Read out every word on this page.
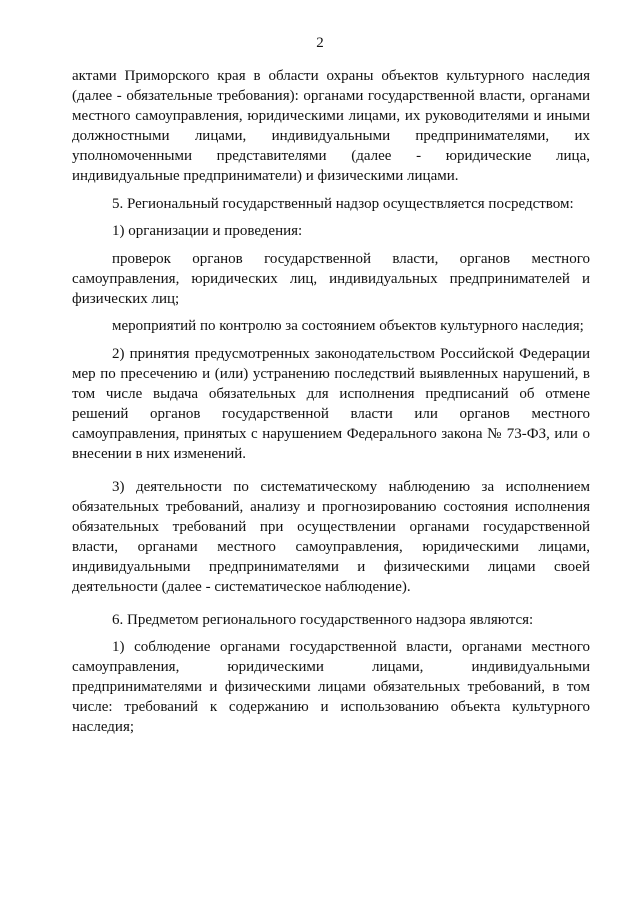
2
актами Приморского края в области охраны объектов культурного наследия
(далее - обязательные требования): органами государственной власти, органами
местного самоуправления, юридическими лицами, их руководителями и иными
должностными лицами, индивидуальными предпринимателями, их
уполномоченными представителями (далее - юридические лица,
индивидуальные предприниматели) и физическими лицами.
5. Региональный государственный надзор осуществляется посредством:
1) организации и проведения:
проверок органов государственной власти, органов местного
самоуправления, юридических лиц, индивидуальных предпринимателей и
физических лиц;
мероприятий по контролю за состоянием объектов культурного наследия;
2) принятия предусмотренных законодательством Российской Федерации
мер по пресечению и (или) устранению последствий выявленных нарушений, в
том числе выдача обязательных для исполнения предписаний об отмене
решений органов государственной власти или органов местного
самоуправления, принятых с нарушением Федерального закона № 73-ФЗ, или о
внесении в них изменений.
3) деятельности по систематическому наблюдению за исполнением
обязательных требований, анализу и прогнозированию состояния исполнения
обязательных требований при осуществлении органами государственной
власти, органами местного самоуправления, юридическими лицами,
индивидуальными предпринимателями и физическими лицами своей
деятельности (далее - систематическое наблюдение).
6. Предметом регионального государственного надзора являются:
1) соблюдение органами государственной власти, органами местного
самоуправления, юридическими лицами, индивидуальными
предпринимателями и физическими лицами обязательных требований, в том
числе: требований к содержанию и использованию объекта культурного
наследия;
